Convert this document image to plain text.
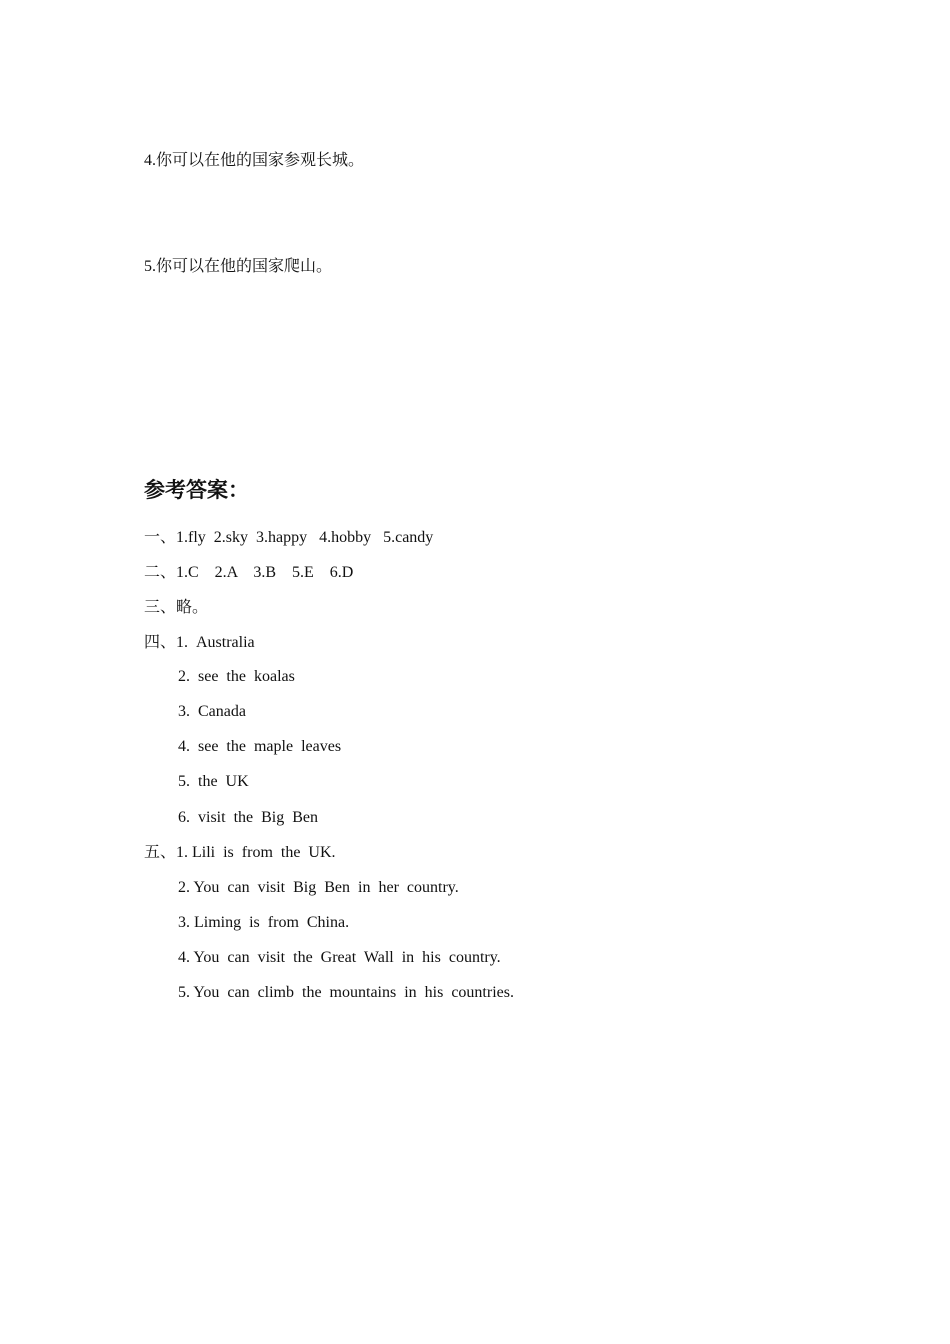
4.你可以在他的国家参观长城。
5.你可以在他的国家爬山。
参考答案：
一、1.fly  2.sky  3.happy   4.hobby   5.candy
二、1.C    2.A    3.B    5.E    6.D
三、略。
四、1.  Australia
2.  see  the  koalas
3.  Canada
4.  see  the  maple  leaves
5.  the  UK
6.  visit  the  Big  Ben
五、1. Lili  is  from  the  UK.
2. You  can  visit  Big  Ben  in  her  country.
3. Liming  is  from  China.
4. You  can  visit  the  Great  Wall  in  his  country.
5. You  can  climb  the  mountains  in  his  countries.
